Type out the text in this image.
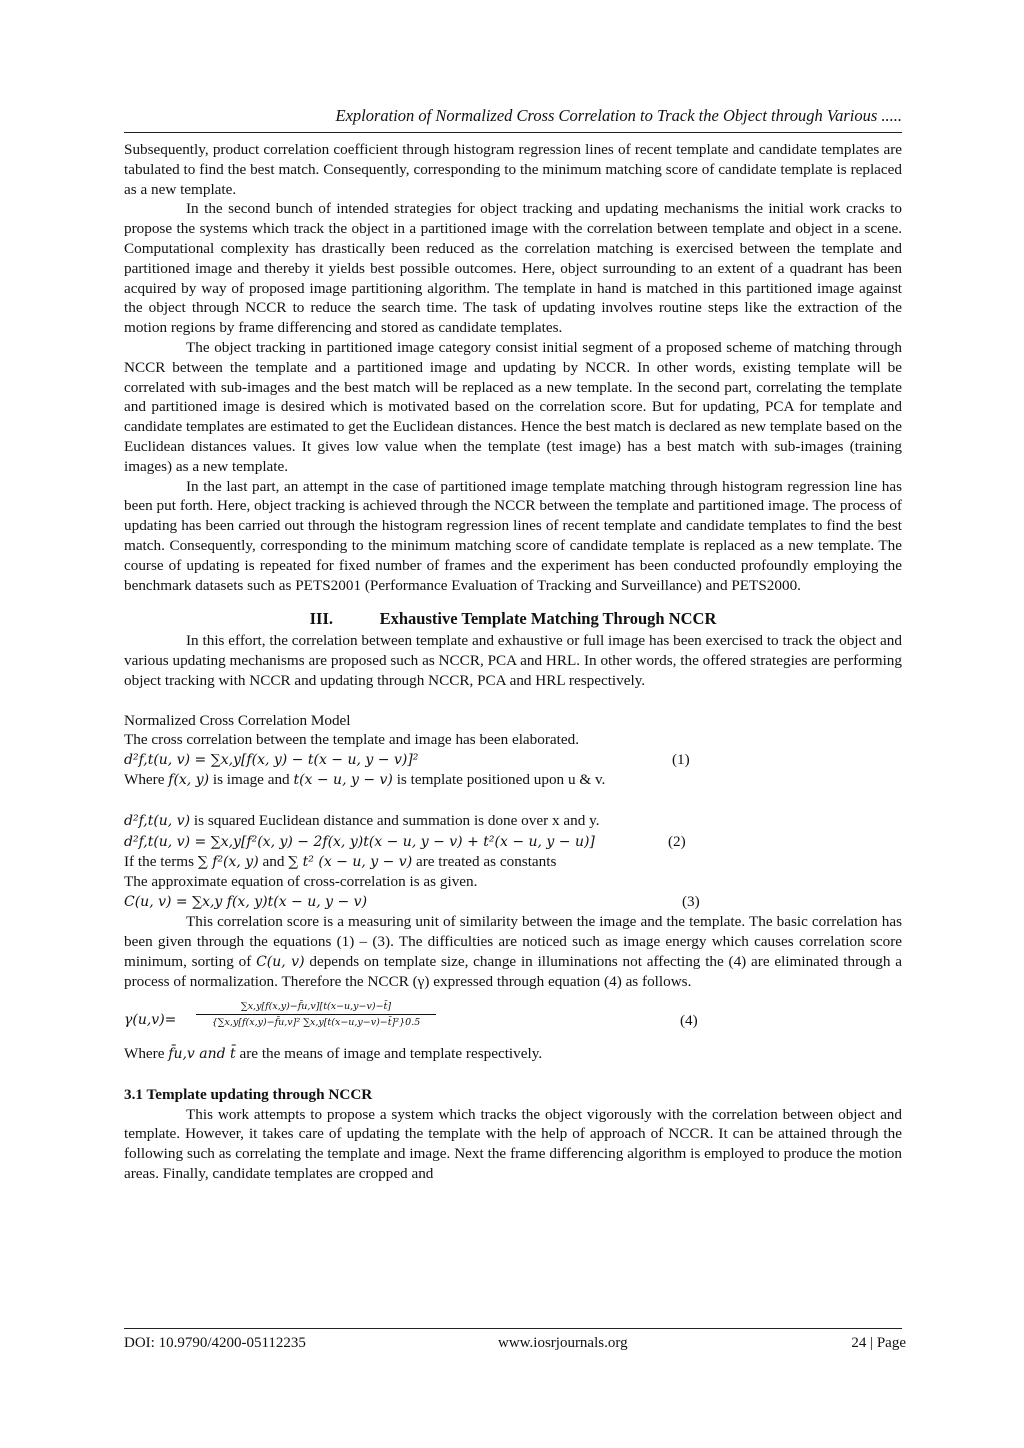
Exploration of Normalized Cross Correlation to Track the Object through Various .....

Subsequently, product correlation coefficient through histogram regression lines of recent template and candidate templates are tabulated to find the best match. Consequently, corresponding to the minimum matching score of candidate template is replaced as a new template.

In the second bunch of intended strategies for object tracking and updating mechanisms the initial work cracks to propose the systems which track the object in a partitioned image with the correlation between template and object in a scene. Computational complexity has drastically been reduced as the correlation matching is exercised between the template and partitioned image and thereby it yields best possible outcomes. Here, object surrounding to an extent of a quadrant has been acquired by way of proposed image partitioning algorithm. The template in hand is matched in this partitioned image against the object through NCCR to reduce the search time. The task of updating involves routine steps like the extraction of the motion regions by frame differencing and stored as candidate templates.

The object tracking in partitioned image category consist initial segment of a proposed scheme of matching through NCCR between the template and a partitioned image and updating by NCCR. In other words, existing template will be correlated with sub-images and the best match will be replaced as a new template. In the second part, correlating the template and partitioned image is desired which is motivated based on the correlation score. But for updating, PCA for template and candidate templates are estimated to get the Euclidean distances. Hence the best match is declared as new template based on the Euclidean distances values. It gives low value when the template (test image) has a best match with sub-images (training images) as a new template.

In the last part, an attempt in the case of partitioned image template matching through histogram regression line has been put forth. Here, object tracking is achieved through the NCCR between the template and partitioned image. The process of updating has been carried out through the histogram regression lines of recent template and candidate templates to find the best match. Consequently, corresponding to the minimum matching score of candidate template is replaced as a new template. The course of updating is repeated for fixed number of frames and the experiment has been conducted profoundly employing the benchmark datasets such as PETS2001 (Performance Evaluation of Tracking and Surveillance) and PETS2000.

III.	Exhaustive Template Matching Through NCCR

In this effort, the correlation between template and exhaustive or full image has been exercised to track the object and various updating mechanisms are proposed such as NCCR, PCA and HRL. In other words, the offered strategies are performing object tracking with NCCR and updating through NCCR, PCA and HRL respectively.

Normalized Cross Correlation Model

The cross correlation between the template and image has been elaborated.

d²f,t(u, v) = ∑x,y[f(x, y) − t(x − u, y − v)]²	(1)

Where f(x, y) is image and t(x − u, y − v) is template positioned upon u & v.

d²f,t(u, v) is squared Euclidean distance and summation is done over x and y.

d²f,t(u, v) = ∑x,y[f²(x, y) − 2f(x, y)t(x − u, y − v) + t²(x − u, y − u)]	(2)

If the terms ∑ f²(x, y) and ∑ t² (x − u, y − v) are treated as constants

The approximate equation of cross-correlation is as given.

C(u, v) = ∑x,y f(x, y)t(x − u, y − v)	(3)

This correlation score is a measuring unit of similarity between the image and the template. The basic correlation has been given through the equations (1) – (3). The difficulties are noticed such as image energy which causes correlation score minimum, sorting of C(u, v) depends on template size, change in illuminations not affecting the (4) are eliminated through a process of normalization. Therefore the NCCR (γ) expressed through equation (4) as follows.

$\gamma(u,v)= \frac{\sum x,y[f(x,y)-f̄u,v][t(x-u,y-v)-t̄]}{\text{\{∑x,y[f(x,y)−f̄u,v]² ∑x,y[t(x−u,y−v)−t̄]²\}0.5}}$	(4)

Where f̄u,v and t̄ are the means of image and template respectively.

3.1 Template updating through NCCR

This work attempts to propose a system which tracks the object vigorously with the correlation between object and template. However, it takes care of updating the template with the help of approach of NCCR. It can be attained through the following such as correlating the template and image. Next the frame differencing algorithm is employed to produce the motion areas. Finally, candidate templates are cropped and

DOI: 10.9790/4200-05112235	www.iosrjournals.org	24 | Page
